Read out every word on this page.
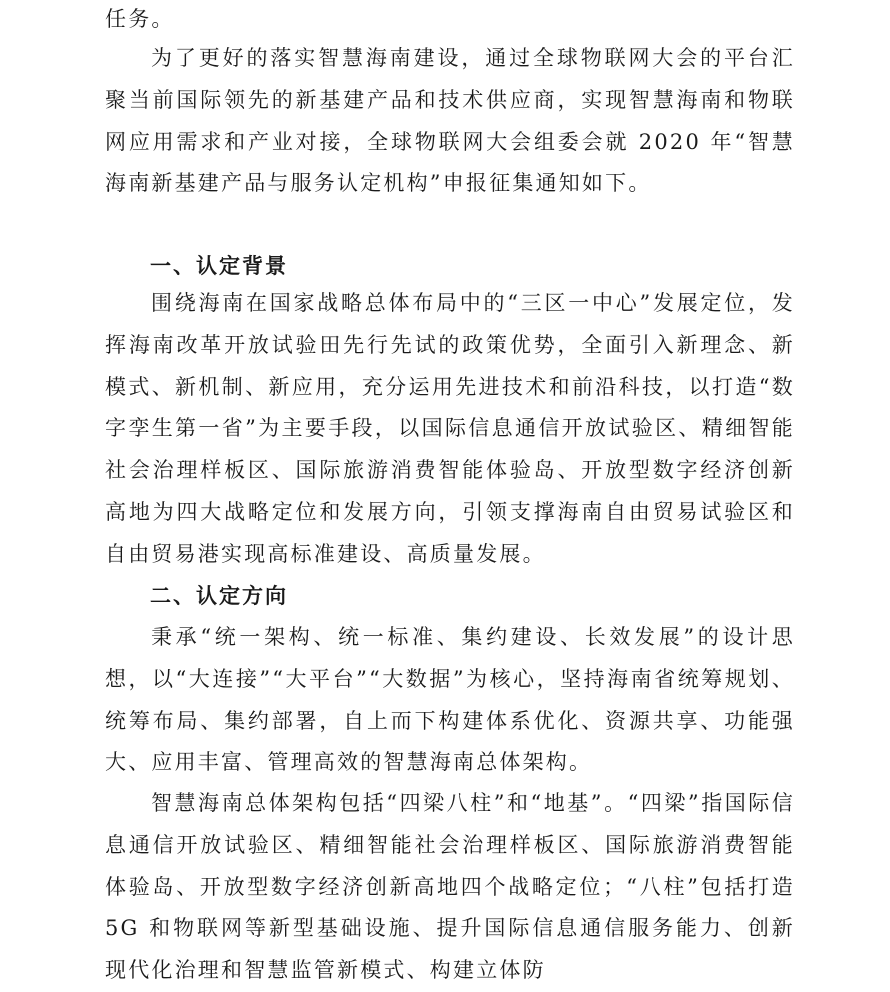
任务。

为了更好的落实智慧海南建设，通过全球物联网大会的平台汇聚当前国际领先的新基建产品和技术供应商，实现智慧海南和物联网应用需求和产业对接，全球物联网大会组委会就 2020 年“智慧海南新基建产品与服务认定机构”申报征集通知如下。

一、认定背景

围绕海南在国家战略总体布局中的“三区一中心”发展定位，发挥海南改革开放试验田先行先试的政策优势，全面引入新理念、新模式、新机制、新应用，充分运用先进技术和前沿科技，以打造“数字孪生第一省”为主要手段，以国际信息通信开放试验区、精细智能社会治理样板区、国际旅游消费智能体验岛、开放型数字经济创新高地为四大战略定位和发展方向，引领支撑海南自由贸易试验区和自由贸易港实现高标准建设、高质量发展。

二、认定方向

秉承“统一架构、统一标准、集约建设、长效发展”的设计思想，以“大连接”“大平台”“大数据”为核心，坚持海南省统筹规划、统筹布局、集约部署，自上而下构建体系优化、资源共享、功能强大、应用丰富、管理高效的智慧海南总体架构。

智慧海南总体架构包括“四梁八柱”和“地基”。“四梁”指国际信息通信开放试验区、精细智能社会治理样板区、国际旅游消费智能体验岛、开放型数字经济创新高地四个战略定位；“八柱”包括打造 5G 和物联网等新型基础设施、提升国际信息通信服务能力、创新现代化治理和智慧监管新模式、构建立体防
